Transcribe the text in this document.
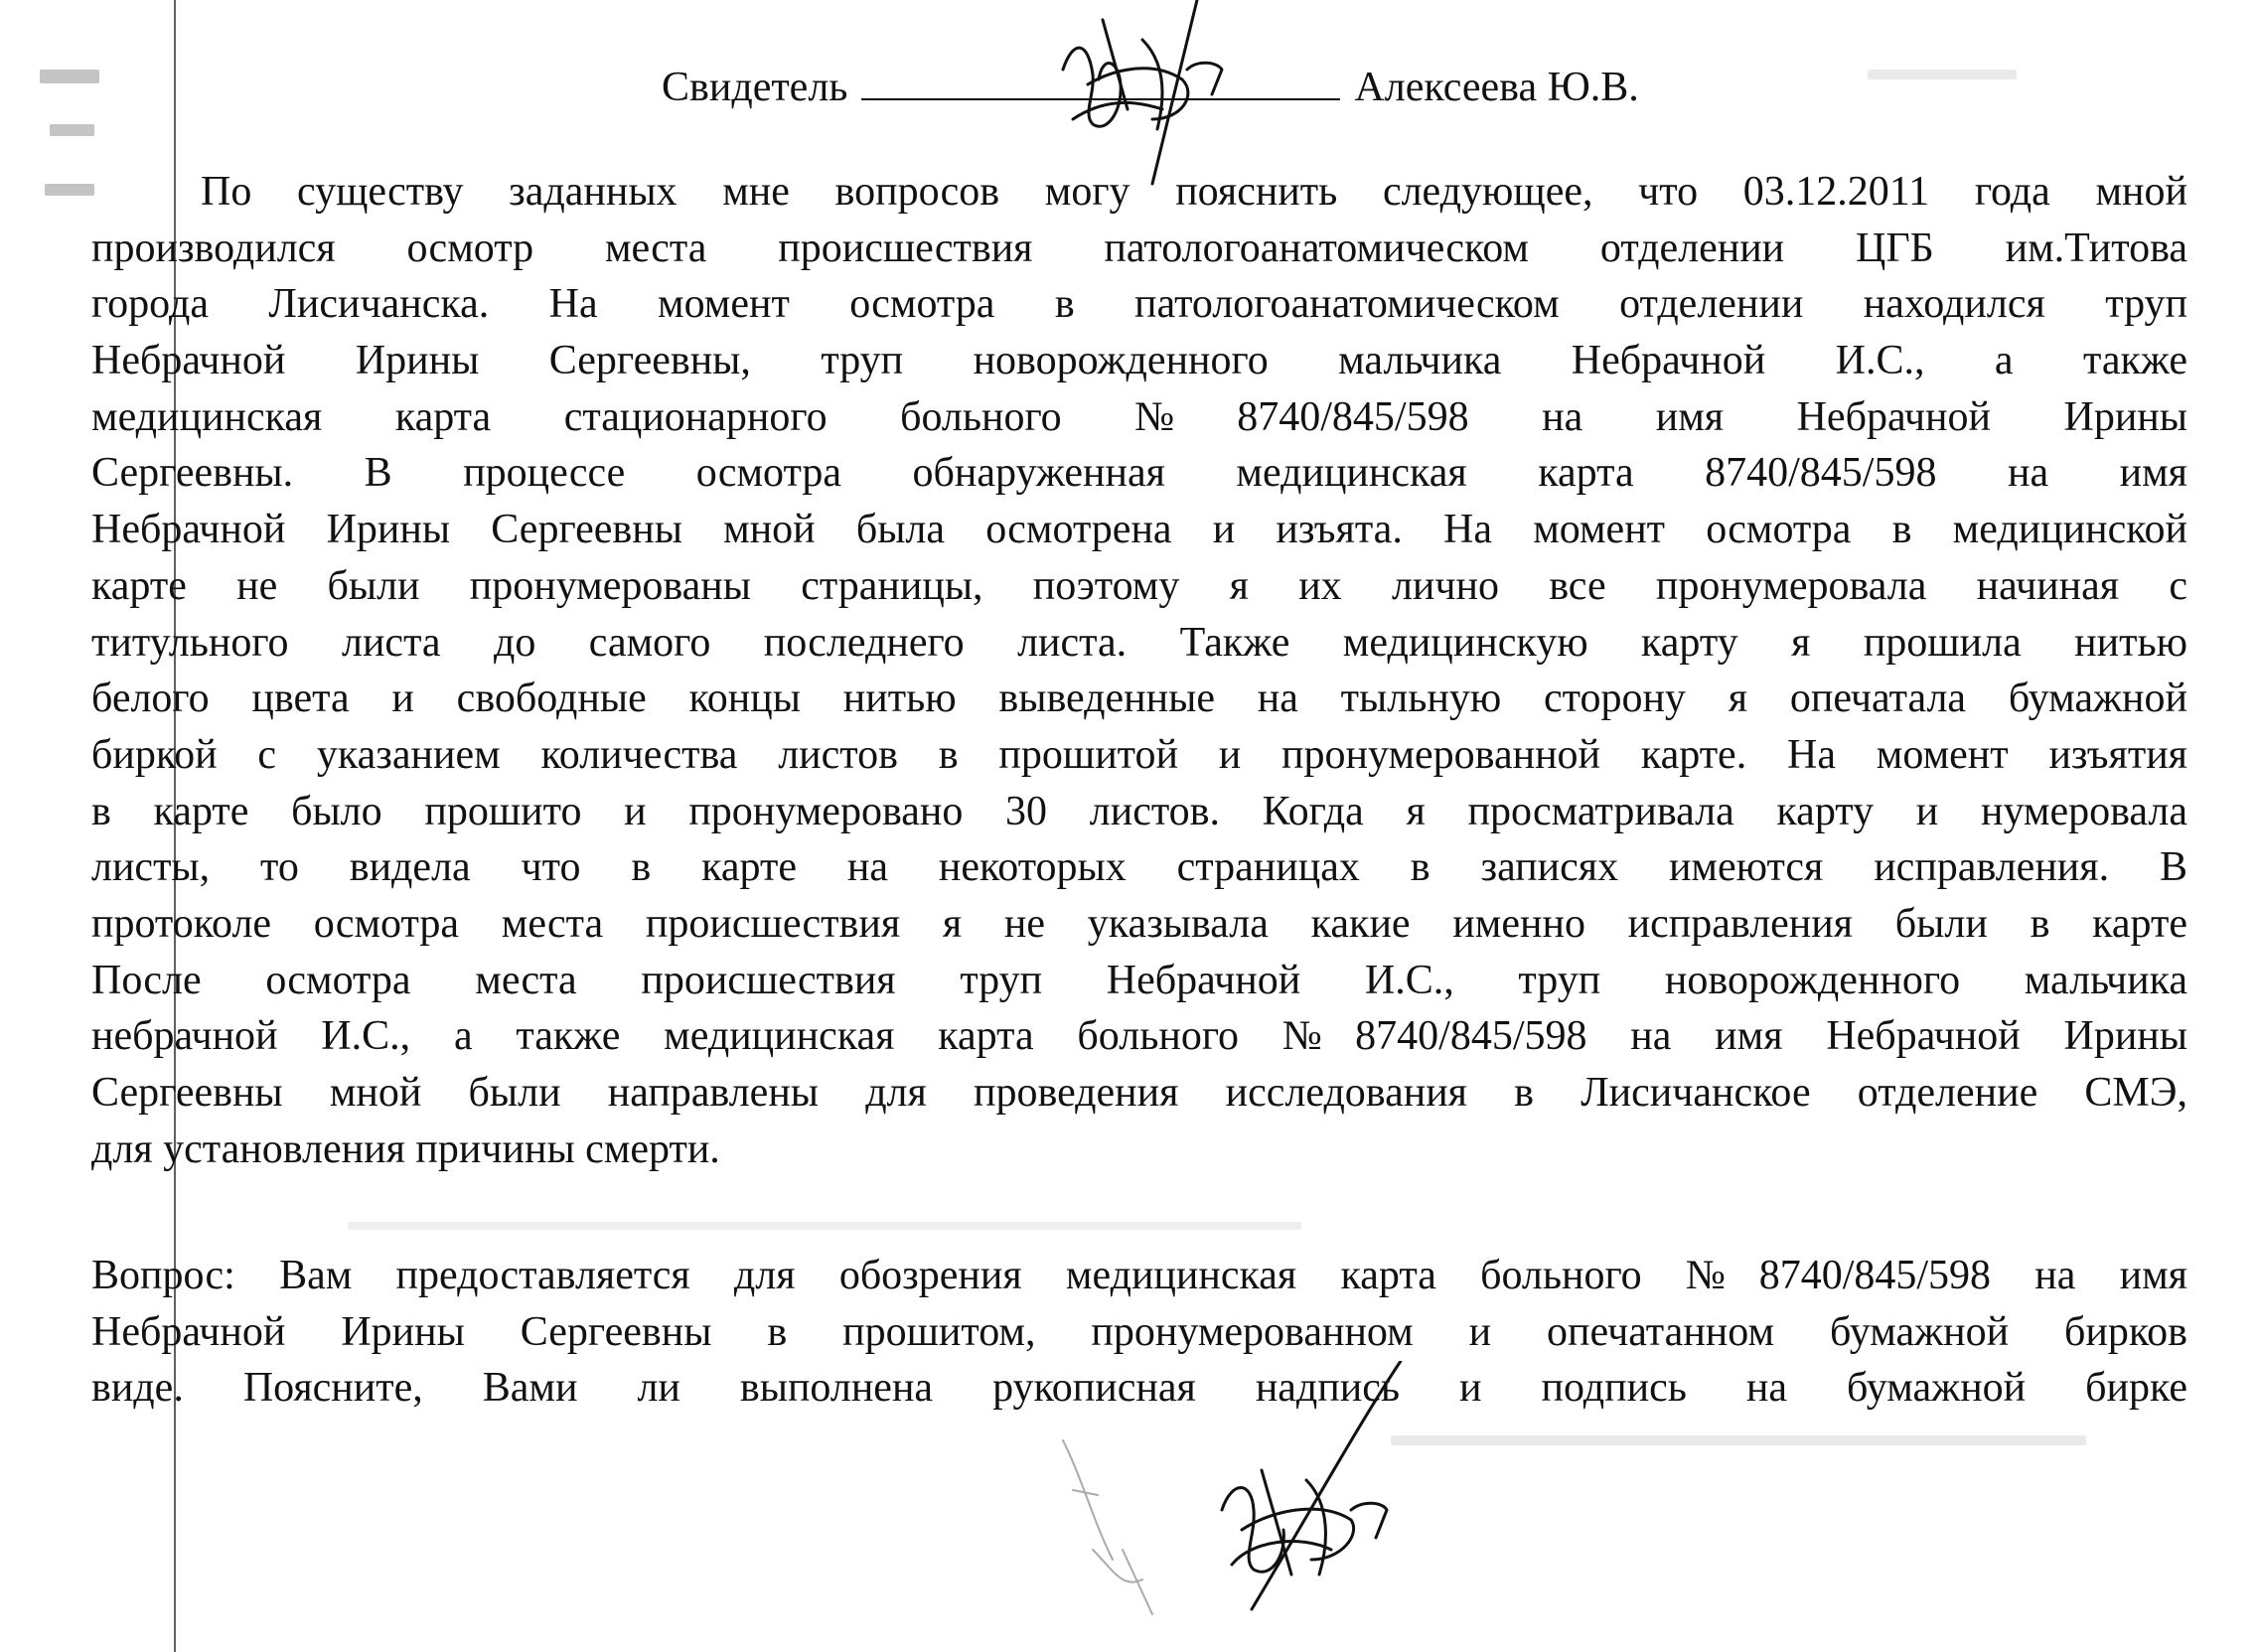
Свидетель	Алексеева Ю.В.
По существу заданных мне вопросов могу пояснить следующее, что 03.12.2011 года мной
производился осмотр места происшествия патологоанатомическом отделении ЦГБ им.Титова
города Лисичанска. На момент осмотра в патологоанатомическом отделении находился труп
Небрачной Ирины Сергеевны, труп новорожденного мальчика Небрачной И.С., а также
медицинская карта стационарного больного №8740/845/598 на имя Небрачной Ирины
Сергеевны. В процессе осмотра обнаруженная медицинская карта 8740/845/598 на имя
Небрачной Ирины Сергеевны мной была осмотрена и изъята. На момент осмотра в медицинской
карте не были пронумерованы страницы, поэтому я их лично все пронумеровала начиная с
титульного листа до самого последнего листа. Также медицинскую карту я прошила нитью
белого цвета и свободные концы нитью выведенные на тыльную сторону я опечатала бумажной
биркой с указанием количества листов в прошитой и пронумерованной карте. На момент изъятия
в карте было прошито и пронумеровано 30 листов. Когда я просматривала карту и нумеровала
листы, то видела что в карте на некоторых страницах в записях имеются исправления. В
протоколе осмотра места происшествия я не указывала какие именно исправления были в карте
После осмотра места происшествия труп Небрачной И.С., труп новорожденного мальчика
небрачной И.С., а также медицинская карта больного №8740/845/598 на имя Небрачной Ирины
Сергеевны мной были направлены для проведения исследования в Лисичанское отделение СМЭ,
для установления причины смерти.
Вопрос: Вам предоставляется для обозрения медицинская карта больного №8740/845/598 на имя
Небрачной Ирины Сергеевны в прошитом, пронумерованном и опечатанном бумажной бирков
виде. Поясните, Вами ли выполнена рукописная надпись и подпись на бумажной бирке
